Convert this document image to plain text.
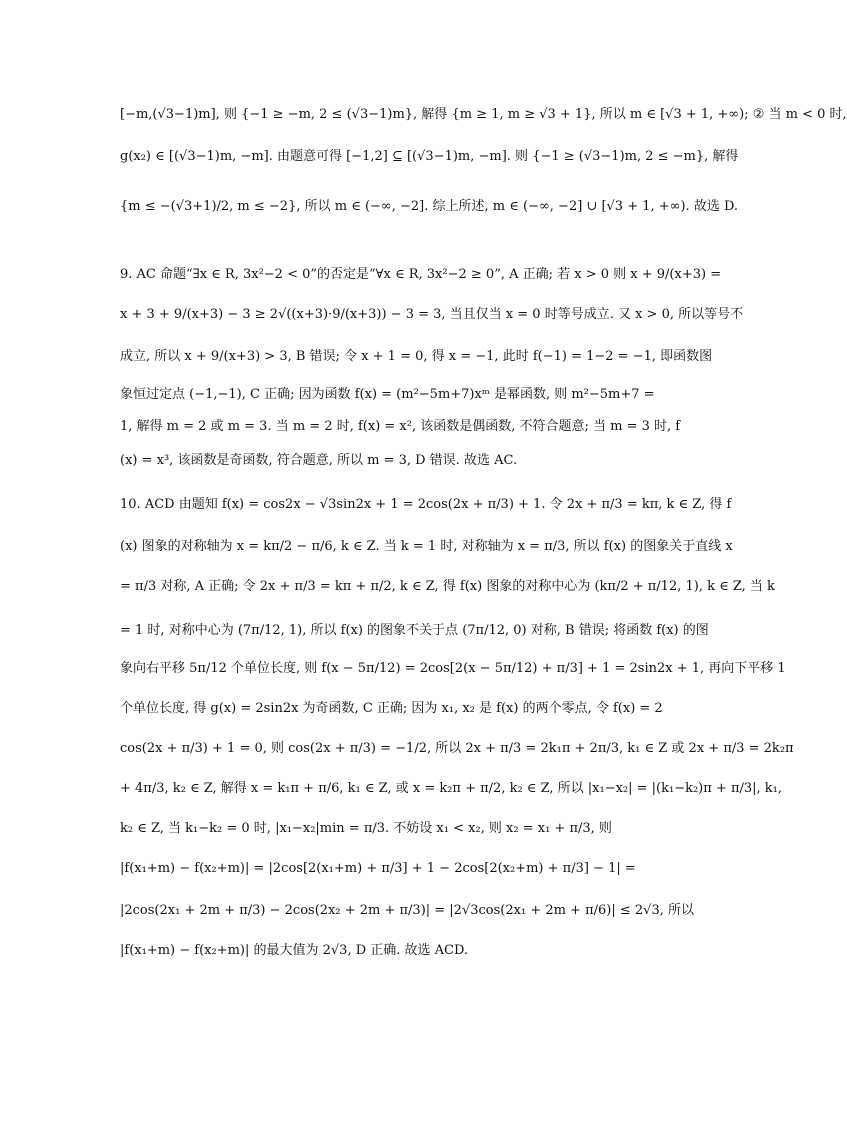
[−m,(√3−1)m], 则 {−1 ≥ −m, 2 ≤ (√3−1)m}, 解得 {m ≥ 1, m ≥ √3 + 1}, 所以 m ∈ [√3 + 1, +∞); ② 当 m < 0 时,
g(x₂) ∈ [(√3−1)m, −m]. 由题意可得 [−1,2] ⊆ [(√3−1)m, −m]. 则 {−1 ≥ (√3−1)m, 2 ≤ −m}, 解得
{m ≤ −(√3+1)/2, m ≤ −2}, 所以 m ∈ (−∞, −2]. 综上所述, m ∈ (−∞, −2] ∪ [√3 + 1, +∞). 故选 D.
9. AC 命题“∃x ∈ R, 3x²−2 < 0”的否定是“∀x ∈ R, 3x²−2 ≥ 0”, A 正确; 若 x > 0 则 x + 9/(x+3) =
x + 3 + 9/(x+3) − 3 ≥ 2√((x+3)·9/(x+3)) − 3 = 3, 当且仅当 x = 0 时等号成立. 又 x > 0, 所以等号不
成立, 所以 x + 9/(x+3) > 3, B 错误; 令 x + 1 = 0, 得 x = −1, 此时 f(−1) = 1−2 = −1, 即函数图
象恒过定点 (−1,−1), C 正确; 因为函数 f(x) = (m²−5m+7)xᵐ 是幂函数, 则 m²−5m+7 =
1, 解得 m = 2 或 m = 3. 当 m = 2 时, f(x) = x², 该函数是偶函数, 不符合题意; 当 m = 3 时, f
(x) = x³, 该函数是奇函数, 符合题意, 所以 m = 3, D 错误. 故选 AC.
10. ACD 由题知 f(x) = cos2x − √3sin2x + 1 = 2cos(2x + π/3) + 1. 令 2x + π/3 = kπ, k ∈ Z, 得 f
(x) 图象的对称轴为 x = kπ/2 − π/6, k ∈ Z. 当 k = 1 时, 对称轴为 x = π/3, 所以 f(x) 的图象关于直线 x
= π/3 对称, A 正确; 令 2x + π/3 = kπ + π/2, k ∈ Z, 得 f(x) 图象的对称中心为 (kπ/2 + π/12, 1), k ∈ Z, 当 k
= 1 时, 对称中心为 (7π/12, 1), 所以 f(x) 的图象不关于点 (7π/12, 0) 对称, B 错误; 将函数 f(x) 的图
象向右平移 5π/12 个单位长度, 则 f(x − 5π/12) = 2cos[2(x − 5π/12) + π/3] + 1 = 2sin2x + 1, 再向下平移 1
个单位长度, 得 g(x) = 2sin2x 为奇函数, C 正确; 因为 x₁, x₂ 是 f(x) 的两个零点, 令 f(x) = 2
cos(2x + π/3) + 1 = 0, 则 cos(2x + π/3) = −1/2, 所以 2x + π/3 = 2k₁π + 2π/3, k₁ ∈ Z 或 2x + π/3 = 2k₂π
+ 4π/3, k₂ ∈ Z, 解得 x = k₁π + π/6, k₁ ∈ Z, 或 x = k₂π + π/2, k₂ ∈ Z, 所以 |x₁−x₂| = |(k₁−k₂)π + π/3|, k₁,
k₂ ∈ Z, 当 k₁−k₂ = 0 时, |x₁−x₂|min = π/3. 不妨设 x₁ < x₂, 则 x₂ = x₁ + π/3, 则
|f(x₁+m) − f(x₂+m)| = |2cos[2(x₁+m) + π/3] + 1 − 2cos[2(x₂+m) + π/3] − 1| =
|2cos(2x₁ + 2m + π/3) − 2cos(2x₂ + 2m + π/3)| = |2√3cos(2x₁ + 2m + π/6)| ≤ 2√3, 所以
|f(x₁+m) − f(x₂+m)| 的最大值为 2√3, D 正确. 故选 ACD.
